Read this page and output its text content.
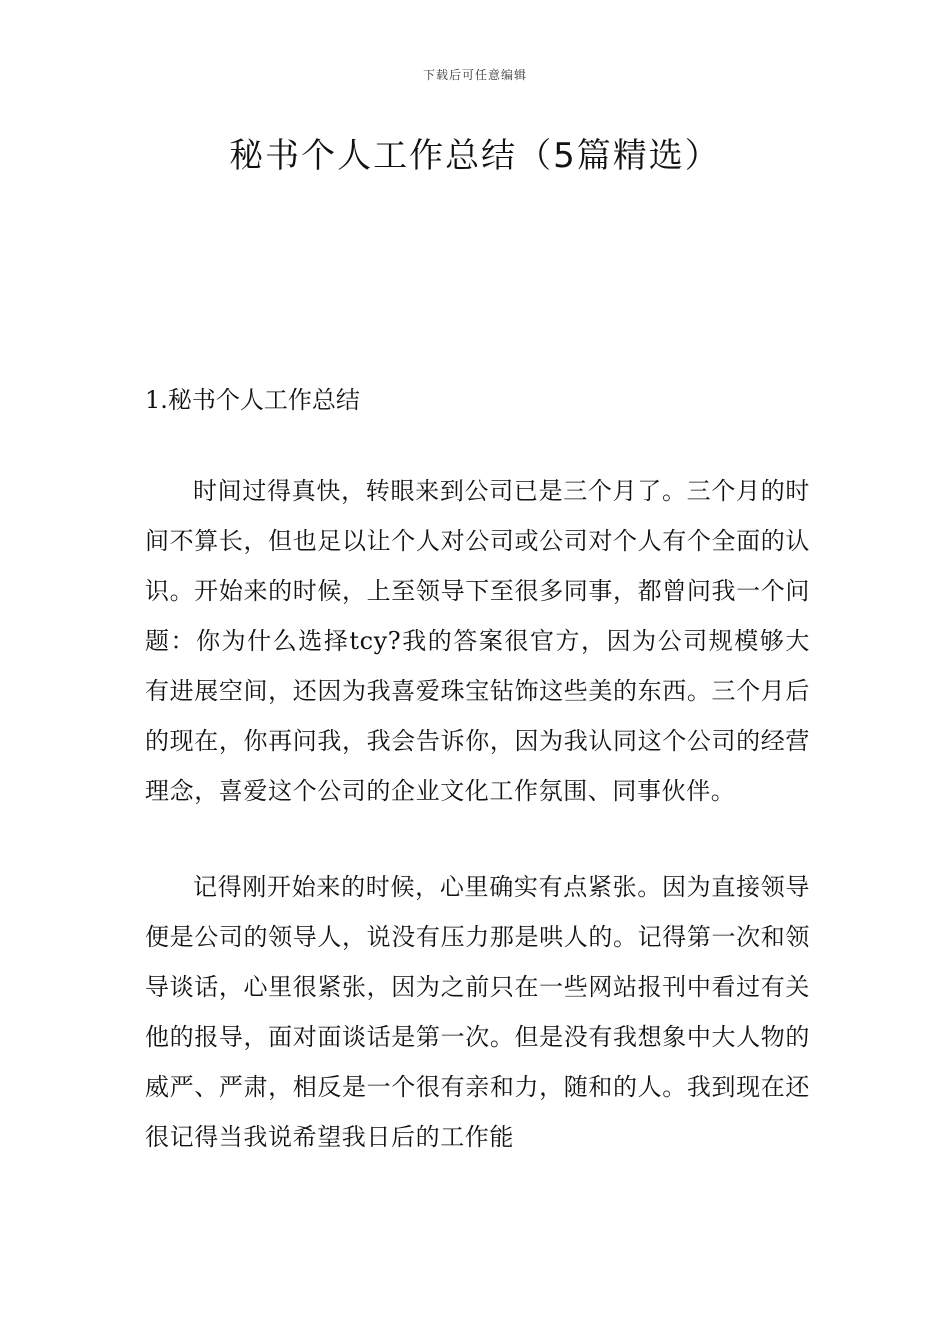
下载后可任意编辑
秘书个人工作总结（5篇精选）
1.秘书个人工作总结

时间过得真快，转眼来到公司已是三个月了。三个月的时间不算长，但也足以让个人对公司或公司对个人有个全面的认识。开始来的时候，上至领导下至很多同事，都曾问我一个问题：你为什么选择tcy?我的答案很官方，因为公司规模够大有进展空间，还因为我喜爱珠宝钻饰这些美的东西。三个月后的现在，你再问我，我会告诉你，因为我认同这个公司的经营理念，喜爱这个公司的企业文化工作氛围、同事伙伴。

记得刚开始来的时候，心里确实有点紧张。因为直接领导便是公司的领导人，说没有压力那是哄人的。记得第一次和领导谈话，心里很紧张，因为之前只在一些网站报刊中看过有关他的报导，面对面谈话是第一次。但是没有我想象中大人物的威严、严肃，相反是一个很有亲和力，随和的人。我到现在还很记得当我说希望我日后的工作能
